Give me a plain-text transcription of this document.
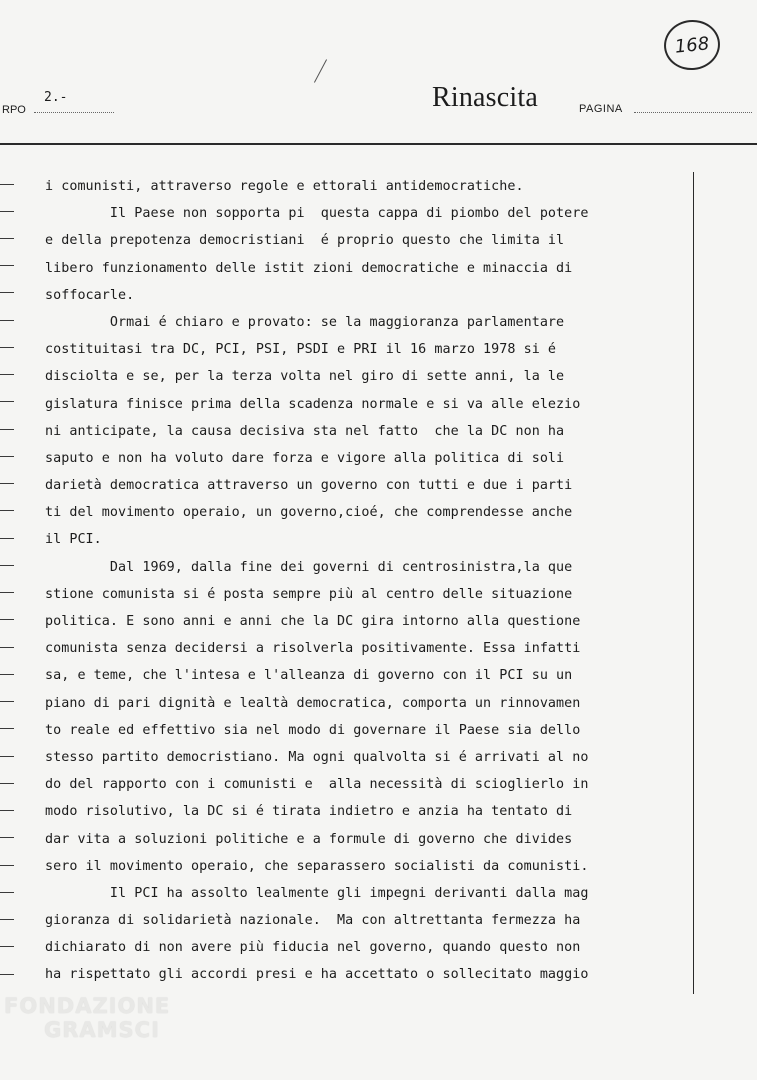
168
RPO
2.-	Rinascita	PAGINA
i comunisti, attraverso regole e ettorali antidemocratiche.
Il Paese non sopporta pi  questa cappa di piombo del potere
e della prepotenza democristiani  é proprio questo che limita il
libero funzionamento delle istit zioni democratiche e minaccia di
soffocarle.
Ormai é chiaro e provato: se la maggioranza parlamentare
costituitasi tra DC, PCI, PSI, PSDI e PRI il 16 marzo 1978 si é
disciolta e se, per la terza volta nel giro di sette anni, la le
gislatura finisce prima della scadenza normale e si va alle elezio
ni anticipate, la causa decisiva sta nel fatto  che la DC non ha
saputo e non ha voluto dare forza e vigore alla politica di soli
darietà democratica attraverso un governo con tutti e due i parti
ti del movimento operaio, un governo,cioé, che comprendesse anche
il PCI.
Dal 1969, dalla fine dei governi di centrosinistra,la que
stione comunista si é posta sempre più al centro delle situazione
politica. E sono anni e anni che la DC gira intorno alla questione
comunista senza decidersi a risolverla positivamente. Essa infatti
sa, e teme, che l'intesa e l'alleanza di governo con il PCI su un
piano di pari dignità e lealtà democratica, comporta un rinnovamen
to reale ed effettivo sia nel modo di governare il Paese sia dello
stesso partito democristiano. Ma ogni qualvolta si é arrivati al no
do del rapporto con i comunisti e  alla necessità di scioglierlo in
modo risolutivo, la DC si é tirata indietro e anzia ha tentato di
dar vita a soluzioni politiche e a formule di governo che divides
sero il movimento operaio, che separassero socialisti da comunisti.
Il PCI ha assolto lealmente gli impegni derivanti dalla mag
gioranza di solidarietà nazionale.  Ma con altrettanta fermezza ha
dichiarato di non avere più fiducia nel governo, quando questo non
ha rispettato gli accordi presi e ha accettato o sollecitato maggio
FONDAZIONE
GRAMSCI
